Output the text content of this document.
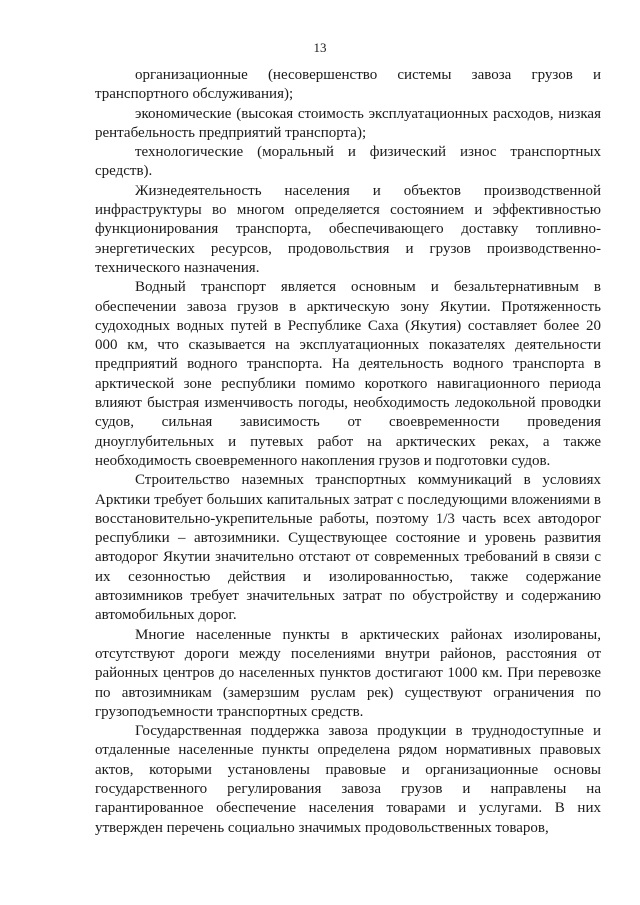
13

организационные (несовершенство системы завоза грузов и транспортного обслуживания);

экономические (высокая стоимость эксплуатационных расходов, низкая рентабельность предприятий транспорта);

технологические (моральный и физический износ транспортных средств).

Жизнедеятельность населения и объектов производственной инфраструктуры во многом определяется состоянием и эффективностью функционирования транспорта, обеспечивающего доставку топливно-энергетических ресурсов, продовольствия и грузов производственно-технического назначения.

Водный транспорт является основным и безальтернативным в обеспечении завоза грузов в арктическую зону Якутии. Протяженность судоходных водных путей в Республике Саха (Якутия) составляет более 20 000 км, что сказывается на эксплуатационных показателях деятельности предприятий водного транспорта. На деятельность водного транспорта в арктической зоне республики помимо короткого навигационного периода влияют быстрая изменчивость погоды, необходимость ледокольной проводки судов, сильная зависимость от своевременности проведения дноуглубительных и путевых работ на арктических реках, а также необходимость своевременного накопления грузов и подготовки судов.

Строительство наземных транспортных коммуникаций в условиях Арктики требует больших капитальных затрат с последующими вложениями в восстановительно-укрепительные работы, поэтому 1/3 часть всех автодорог республики – автозимники. Существующее состояние и уровень развития автодорог Якутии значительно отстают от современных требований в связи с их сезонностью действия и изолированностью, также содержание автозимников требует значительных затрат по обустройству и содержанию автомобильных дорог.

Многие населенные пункты в арктических районах изолированы, отсутствуют дороги между поселениями внутри районов, расстояния от районных центров до населенных пунктов достигают 1000 км. При перевозке по автозимникам (замерзшим руслам рек) существуют ограничения по грузоподъемности транспортных средств.

Государственная поддержка завоза продукции в труднодоступные и отдаленные населенные пункты определена рядом нормативных правовых актов, которыми установлены правовые и организационные основы государственного регулирования завоза грузов и направлены на гарантированное обеспечение населения товарами и услугами. В них утвержден перечень социально значимых продовольственных товаров,
